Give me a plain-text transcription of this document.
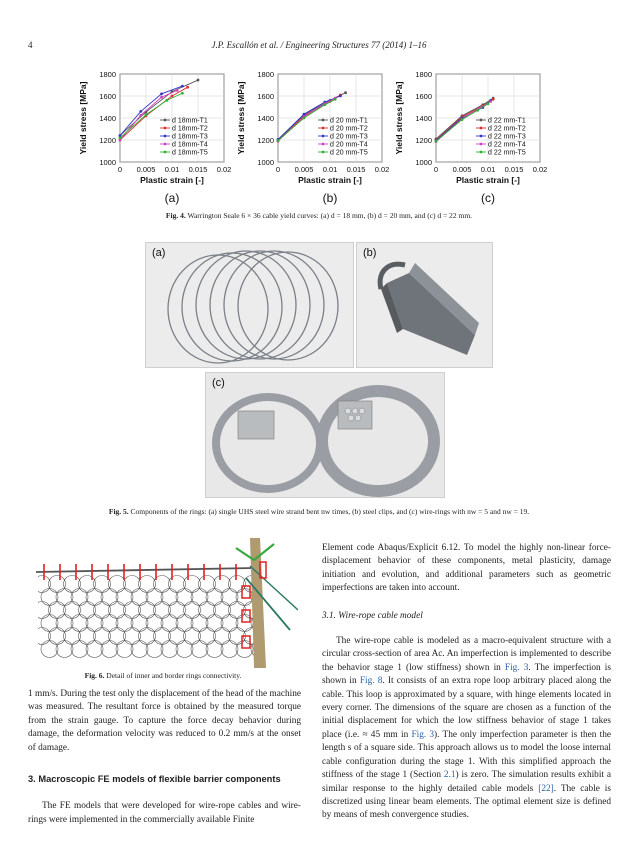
4	J.P. Escallón et al. / Engineering Structures 77 (2014) 1–16
1000
1200
1400
1600
1800
0 0.005 0.01 0.015 0.02
Plastic strain [-]
Yield stress [MPa]	d 18mm-T1
d 18mm-T2
d 18mm-T3
d 18mm-T4
d 18mm-T5
(a)
1000
1200
1400
1600
1800
0 0.005 0.01 0.015 0.02
Plastic strain [-]
Yield stress [MPa]	d 20 mm-T1
d 20 mm-T2
d 20 mm-T3
d 20 mm-T4
d 20 mm-T5
(b)
1000
1200
1400
1600
1800
0 0.005 0.01 0.015 0.02
Plastic strain [-]
Yield stress [MPa]	d 22 mm-T1
d 22 mm-T2
d 22 mm-T3
d 22 mm-T4
d 22 mm-T5
(c)
Fig. 4. Warrington Seale 6 × 36 cable yield curves: (a) d = 18 mm, (b) d = 20 mm, and (c) d = 22 mm.
(a)	(b)
(c)
Fig. 5. Components of the rings: (a) single UHS steel wire strand bent nw times, (b) steel clips, and (c) wire-rings with nw = 5 and nw = 19.
Fig. 6. Detail of inner and border rings connectivity.

1 mm/s. During the test only the displacement of the head of the machine was measured. The resultant force is obtained by the measured torque from the strain gauge. To capture the force decay behavior during damage, the deformation velocity was reduced to 0.2 mm/s at the onset of damage.

3. Macroscopic FE models of flexible barrier components

The FE models that were developed for wire-rope cables and wire-rings were implemented in the commercially available Finite

Element code Abaqus/Explicit 6.12. To model the highly non-linear force-displacement behavior of these components, metal plasticity, damage initiation and evolution, and additional parameters such as geometric imperfections are taken into account.

3.1. Wire-rope cable model

The wire-rope cable is modeled as a macro-equivalent structure with a circular cross-section of area Ac. An imperfection is implemented to describe the behavior stage 1 (low stiffness) shown in Fig. 3. The imperfection is shown in Fig. 8. It consists of an extra rope loop arbitrary placed along the cable. This loop is approximated by a square, with hinge elements located in every corner. The dimensions of the square are chosen as a function of the initial displacement for which the low stiffness behavior of stage 1 takes place (i.e. ≈ 45 mm in Fig. 3). The only imperfection parameter is then the length s of a square side. This approach allows us to model the loose internal cable configuration during the stage 1. With this simplified approach the stiffness of the stage 1 (Section 2.1) is zero. The simulation results exhibit a similar response to the highly detailed cable models [22]. The cable is discretized using linear beam elements. The optimal element size is defined by means of mesh convergence studies.
